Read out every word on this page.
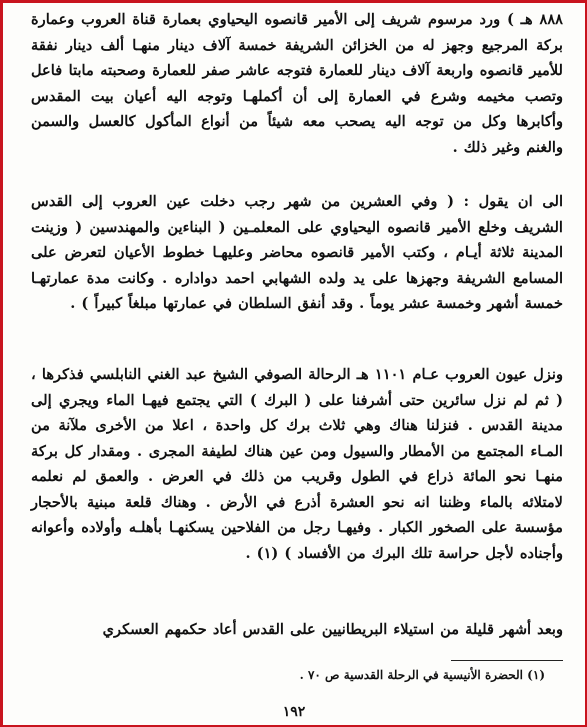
٨٨٨ هـ ) ورد مرسوم شريف إلى الأمير قانصوه اليحياوي بعمارة قناة العروب وعمارة بركة المرجيع وجهز له من الخزائن الشريفة خمسة آلاف دينار منهـا ألف دينار نفقة للأمير قانصوه واربعة آلاف دينار للعمارة فتوجه عاشر صفر للعمارة وصحبته مابتا فاعل وتصب مخيمه وشرع في العمارة إلى أن أكملهـا وتوجه اليه أعيان بيت المقدس وأكابرها وكل من توجه اليه يصحب معه شيئاً من أنواع المأكول كالعسل والسمن والغنم وغير ذلك .

الى ان يقول : ( وفي العشرين من شهر رجب دخلت عين العروب إلى القدس الشريف وخلع الأمير قانصوه اليحياوي على المعلمـين ( البناءين والمهندسين ( وزينت المدينة ثلاثة أيـام ، وكتب الأمير قانصوه محاضر وعليهـا خطوط الأعيان لتعرض على المسامع الشريفة وجهزها على يد ولده الشهابي احمد دواداره . وكانت مدة عمارتهـا خمسة أشهر وخمسة عشر يوماً . وقد أنفق السلطان في عمارتها مبلغاً كبيراً ) .

ونزل عيون العروب عـام ١١٠١ هـ الرحالة الصوفي الشيخ عبد الغني النابلسي فذكرها ، ( ثم لم نزل سائرين حتى أشرفنا على ( البرك ) التي يجتمع فيهـا الماء ويجري إلى مدينة القدس . فنزلنا هناك وهي ثلاث برك كل واحدة ، اعلا من الأخرى ملآنة من المـاء المجتمع من الأمطار والسيول ومن عين هناك لطيفة المجرى . ومقدار كل بركة منهـا نحو المائة ذراع في الطول وقريب من ذلك في العرض . والعمق لم نعلمه لامتلائه بالماء وظننا انه نحو العشرة أذرع في الأرض . وهناك قلعة مبنية بالأحجار مؤسسة على الصخور الكبار . وفيهـا رجل من الفلاحين يسكنهـا بأهلـه وأولاده وأعوانه وأجناده لأجل حراسة تلك البرك من الأفساد ) (١) .

وبعد أشهر قليلة من استيلاء البريطانيين على القدس أعاد حكمهم العسكري

(١) الحضرة الأنيسية في الرحلة القدسية ص ٧٠ .

١٩٢
